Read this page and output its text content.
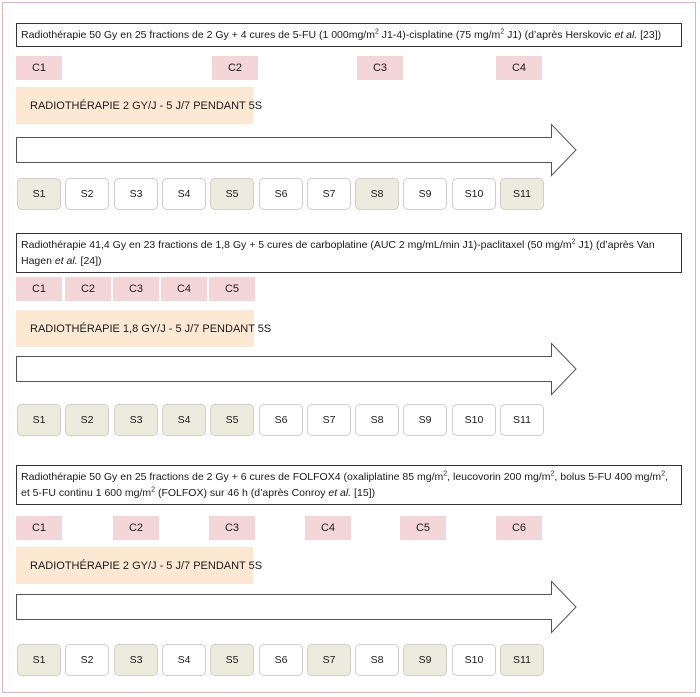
Radiothérapie 50 Gy en 25 fractions de 2 Gy + 4 cures de 5-FU (1 $000mg/m^2$ J1-4)-cisplatine (75 $mg/m^2$ J1) (d’après Herskovic et al. [23])
C1	C2	C3	C4
RADIOTHÉRAPIE 2 GY/J - 5 J/7 PENDANT 5S
S1	S2	S3	S4	S5	S6	S7	S8	S9	S10	S11
Radiothérapie 41,4 Gy en 23 fractions de 1,8 Gy + 5 cures de carboplatine (AUC 2 mg/mL/min J1)-paclitaxel (50 $mg/m^2$ J1) (d’après Van Hagen et al. [24])
C1	C2	C3	C4	C5
RADIOTHÉRAPIE 1,8 GY/J - 5 J/7 PENDANT 5S
S1	S2	S3	S4	S5	S6	S7	S8	S9	S10	S11
Radiothérapie 50 Gy en 25 fractions de 2 Gy + 6 cures de FOLFOX4 (oxaliplatine 85 $mg/m^2$, leucovorin 200 $mg/m^2$, bolus 5-FU 400 $mg/m^2$, et 5-FU continu 1 600 $mg/m^2$ (FOLFOX) sur 46 h (d’après Conroy et al. [15])
C1	C2	C3	C4	C5	C6
RADIOTHÉRAPIE 2 GY/J - 5 J/7 PENDANT 5S
S1	S2	S3	S4	S5	S6	S7	S8	S9	S10	S11
